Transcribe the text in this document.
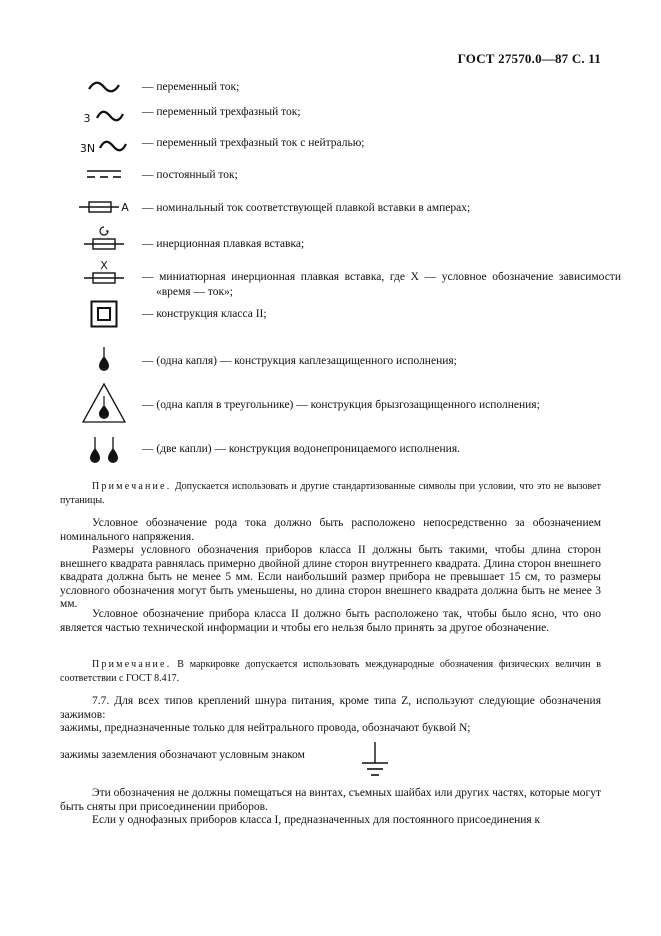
ГОСТ 27570.0—87 С. 11
— переменный ток;
3	— переменный трехфазный ток;
3N	— переменный трехфазный ток с нейтралью;
— постоянный ток;
A — номинальный ток соответствующей плавкой вставки в амперах;
— инерционная плавкая вставка;
X
— миниатюрная инерционная плавкая вставка, где X — условное обозначение зависимости «время — ток»;
— конструкция класса II;
— (одна капля) — конструкция каплезащищенного исполнения;
— (одна капля в треугольнике) — конструкция брызгозащищенного исполнения;
— (две капли) — конструкция водонепроницаемого исполнения.
Примечание. Допускается использовать и другие стандартизованные символы при условии, что это не вызовет путаницы.
Условное обозначение рода тока должно быть расположено непосредственно за обозначением номинального напряжения.
Размеры условного обозначения приборов класса II должны быть такими, чтобы длина сторон внешнего квадрата равнялась примерно двойной длине сторон внутреннего квадрата. Длина сторон внешнего квадрата должна быть не менее 5 мм. Если наибольший размер прибора не превышает 15 см, то размеры условного обозначения могут быть уменьшены, но длина сторон внешнего квадрата должна быть не менее 3 мм.
Условное обозначение прибора класса II должно быть расположено так, чтобы было ясно, что оно является частью технической информации и чтобы его нельзя было принять за другое обозначение.
Примечание. В маркировке допускается использовать международные обозначения физических величин в соответствии с ГОСТ 8.417.
7.7. Для всех типов креплений шнура питания, кроме типа Z, используют следующие обозначения зажимов:
зажимы, предназначенные только для нейтрального провода, обозначают буквой N;
зажимы заземления обозначают условным знаком
Эти обозначения не должны помещаться на винтах, съемных шайбах или других частях, которые могут быть сняты при присоединении приборов.
Если у однофазных приборов класса I, предназначенных для постоянного присоединения к
